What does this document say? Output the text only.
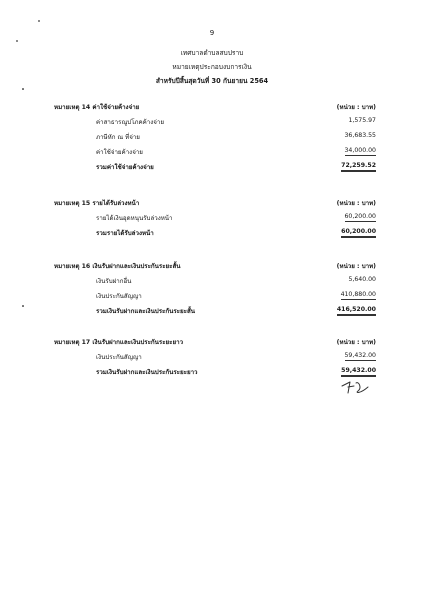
9
เทศบาลตำบลสบปราบ
หมายเหตุประกอบงบการเงิน
สำหรับปีสิ้นสุดวันที่ 30 กันยายน 2564
หมายเหตุ 14 ค่าใช้จ่ายค้างจ่าย	(หน่วย : บาท)
ค่าสาธารณูปโภคค้างจ่าย	1,575.97
ภาษีหัก ณ ที่จ่าย	36,683.55
ค่าใช้จ่ายค้างจ่าย	34,000.00
รวมค่าใช้จ่ายค้างจ่าย	72,259.52
หมายเหตุ 15 รายได้รับล่วงหน้า	(หน่วย : บาท)
รายได้เงินอุดหนุนรับล่วงหน้า	60,200.00
รวมรายได้รับล่วงหน้า	60,200.00
หมายเหตุ 16 เงินรับฝากและเงินประกันระยะสั้น	(หน่วย : บาท)
เงินรับฝากอื่น	5,640.00
เงินประกันสัญญา	410,880.00
รวมเงินรับฝากและเงินประกันระยะสั้น	416,520.00
หมายเหตุ 17 เงินรับฝากและเงินประกันระยะยาว	(หน่วย : บาท)
เงินประกันสัญญา	59,432.00
รวมเงินรับฝากและเงินประกันระยะยาว	59,432.00
